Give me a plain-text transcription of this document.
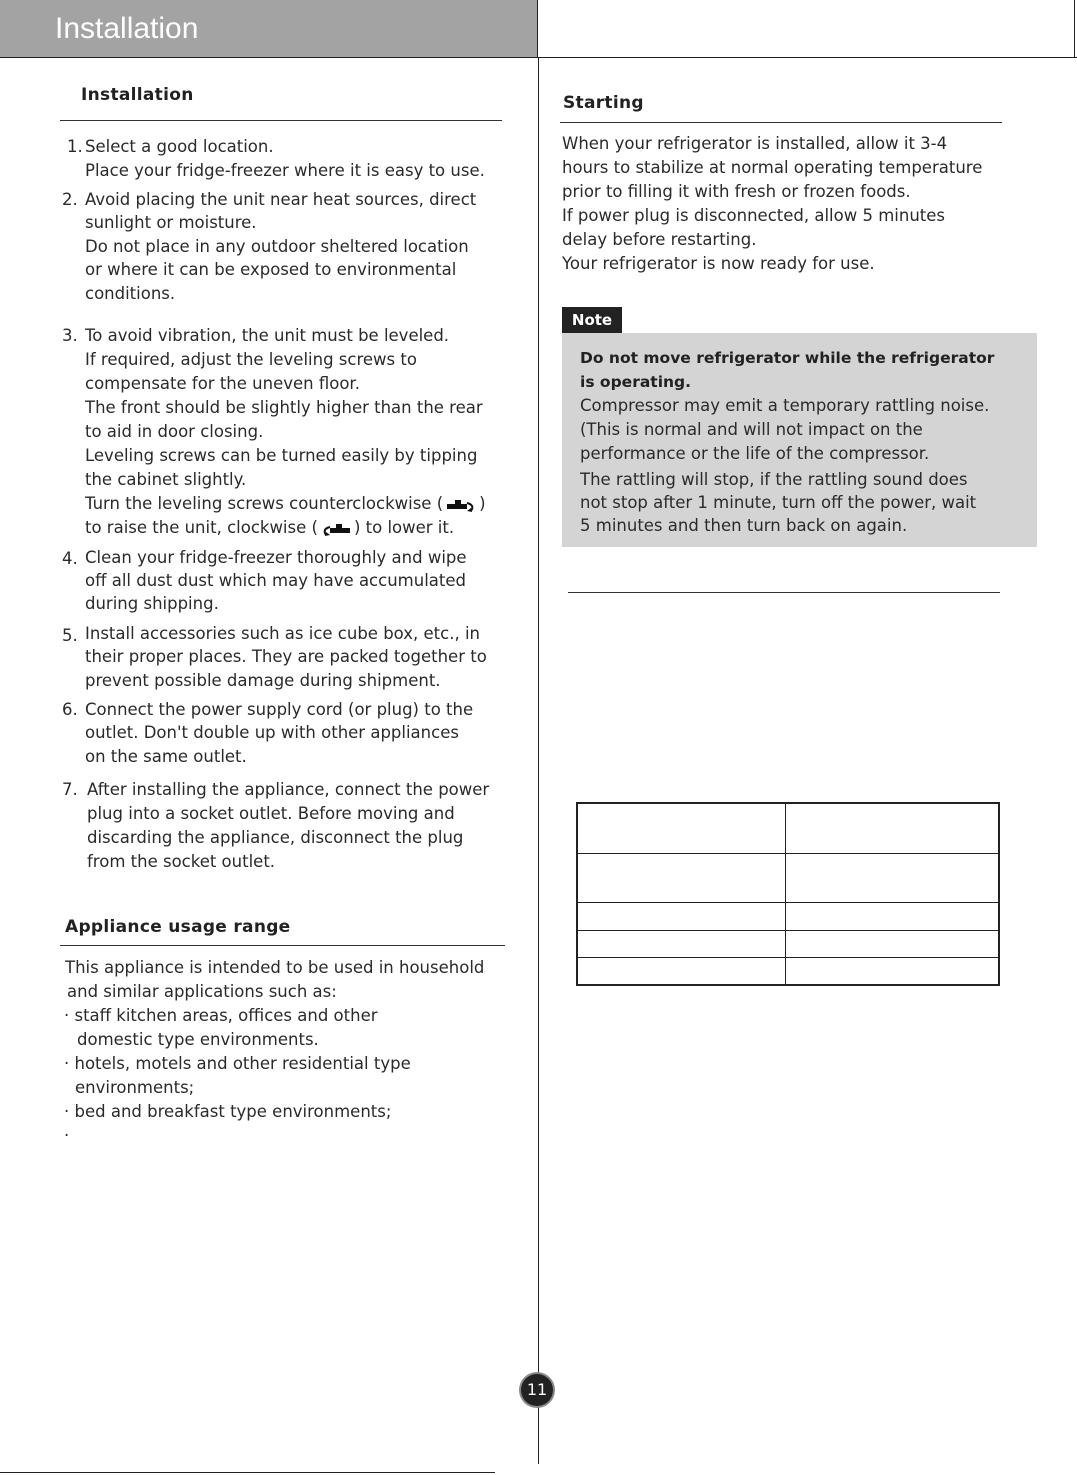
Installation
Installation
1. Select a good location.
Place your fridge-freezer where it is easy to use.
2. Avoid placing the unit near heat sources, direct
sunlight or moisture.
Do not place in any outdoor sheltered location
or where it can be exposed to environmental
conditions.
3. To avoid vibration, the unit must be leveled.
If required, adjust the leveling screws to
compensate for the uneven floor.
The front should be slightly higher than the rear
to aid in door closing.
Leveling screws can be turned easily by tipping
the cabinet slightly.
Turn the leveling screws counterclockwise ( )
to raise the unit, clockwise ( ) to lower it.
4. Clean your fridge-freezer thoroughly and wipe
off all dust dust which may have accumulated
during shipping.
5. Install accessories such as ice cube box, etc., in
their proper places. They are packed together to
prevent possible damage during shipment.
6. Connect the power supply cord (or plug) to the
outlet. Don't double up with other appliances
on the same outlet.
7. After installing the appliance, connect the power
plug into a socket outlet. Before moving and
discarding the appliance, disconnect the plug
from the socket outlet.
Appliance usage range
This appliance is intended to be used in household
and similar applications such as:
· staff kitchen areas, offices and other
domestic type environments.
· hotels, motels and other residential type
environments;
· bed and breakfast type environments;
·
Starting
When your refrigerator is installed, allow it 3-4
hours to stabilize at normal operating temperature
prior to filling it with fresh or frozen foods.
If power plug is disconnected, allow 5 minutes
delay before restarting.
Your refrigerator is now ready for use.
Note
Do not move refrigerator while the refrigerator
is operating.
Compressor may emit a temporary rattling noise.
(This is normal and will not impact on the
performance or the life of the compressor.
The rattling will stop, if the rattling sound does
not stop after 1 minute, turn off the power, wait
5 minutes and then turn back on again.

11
